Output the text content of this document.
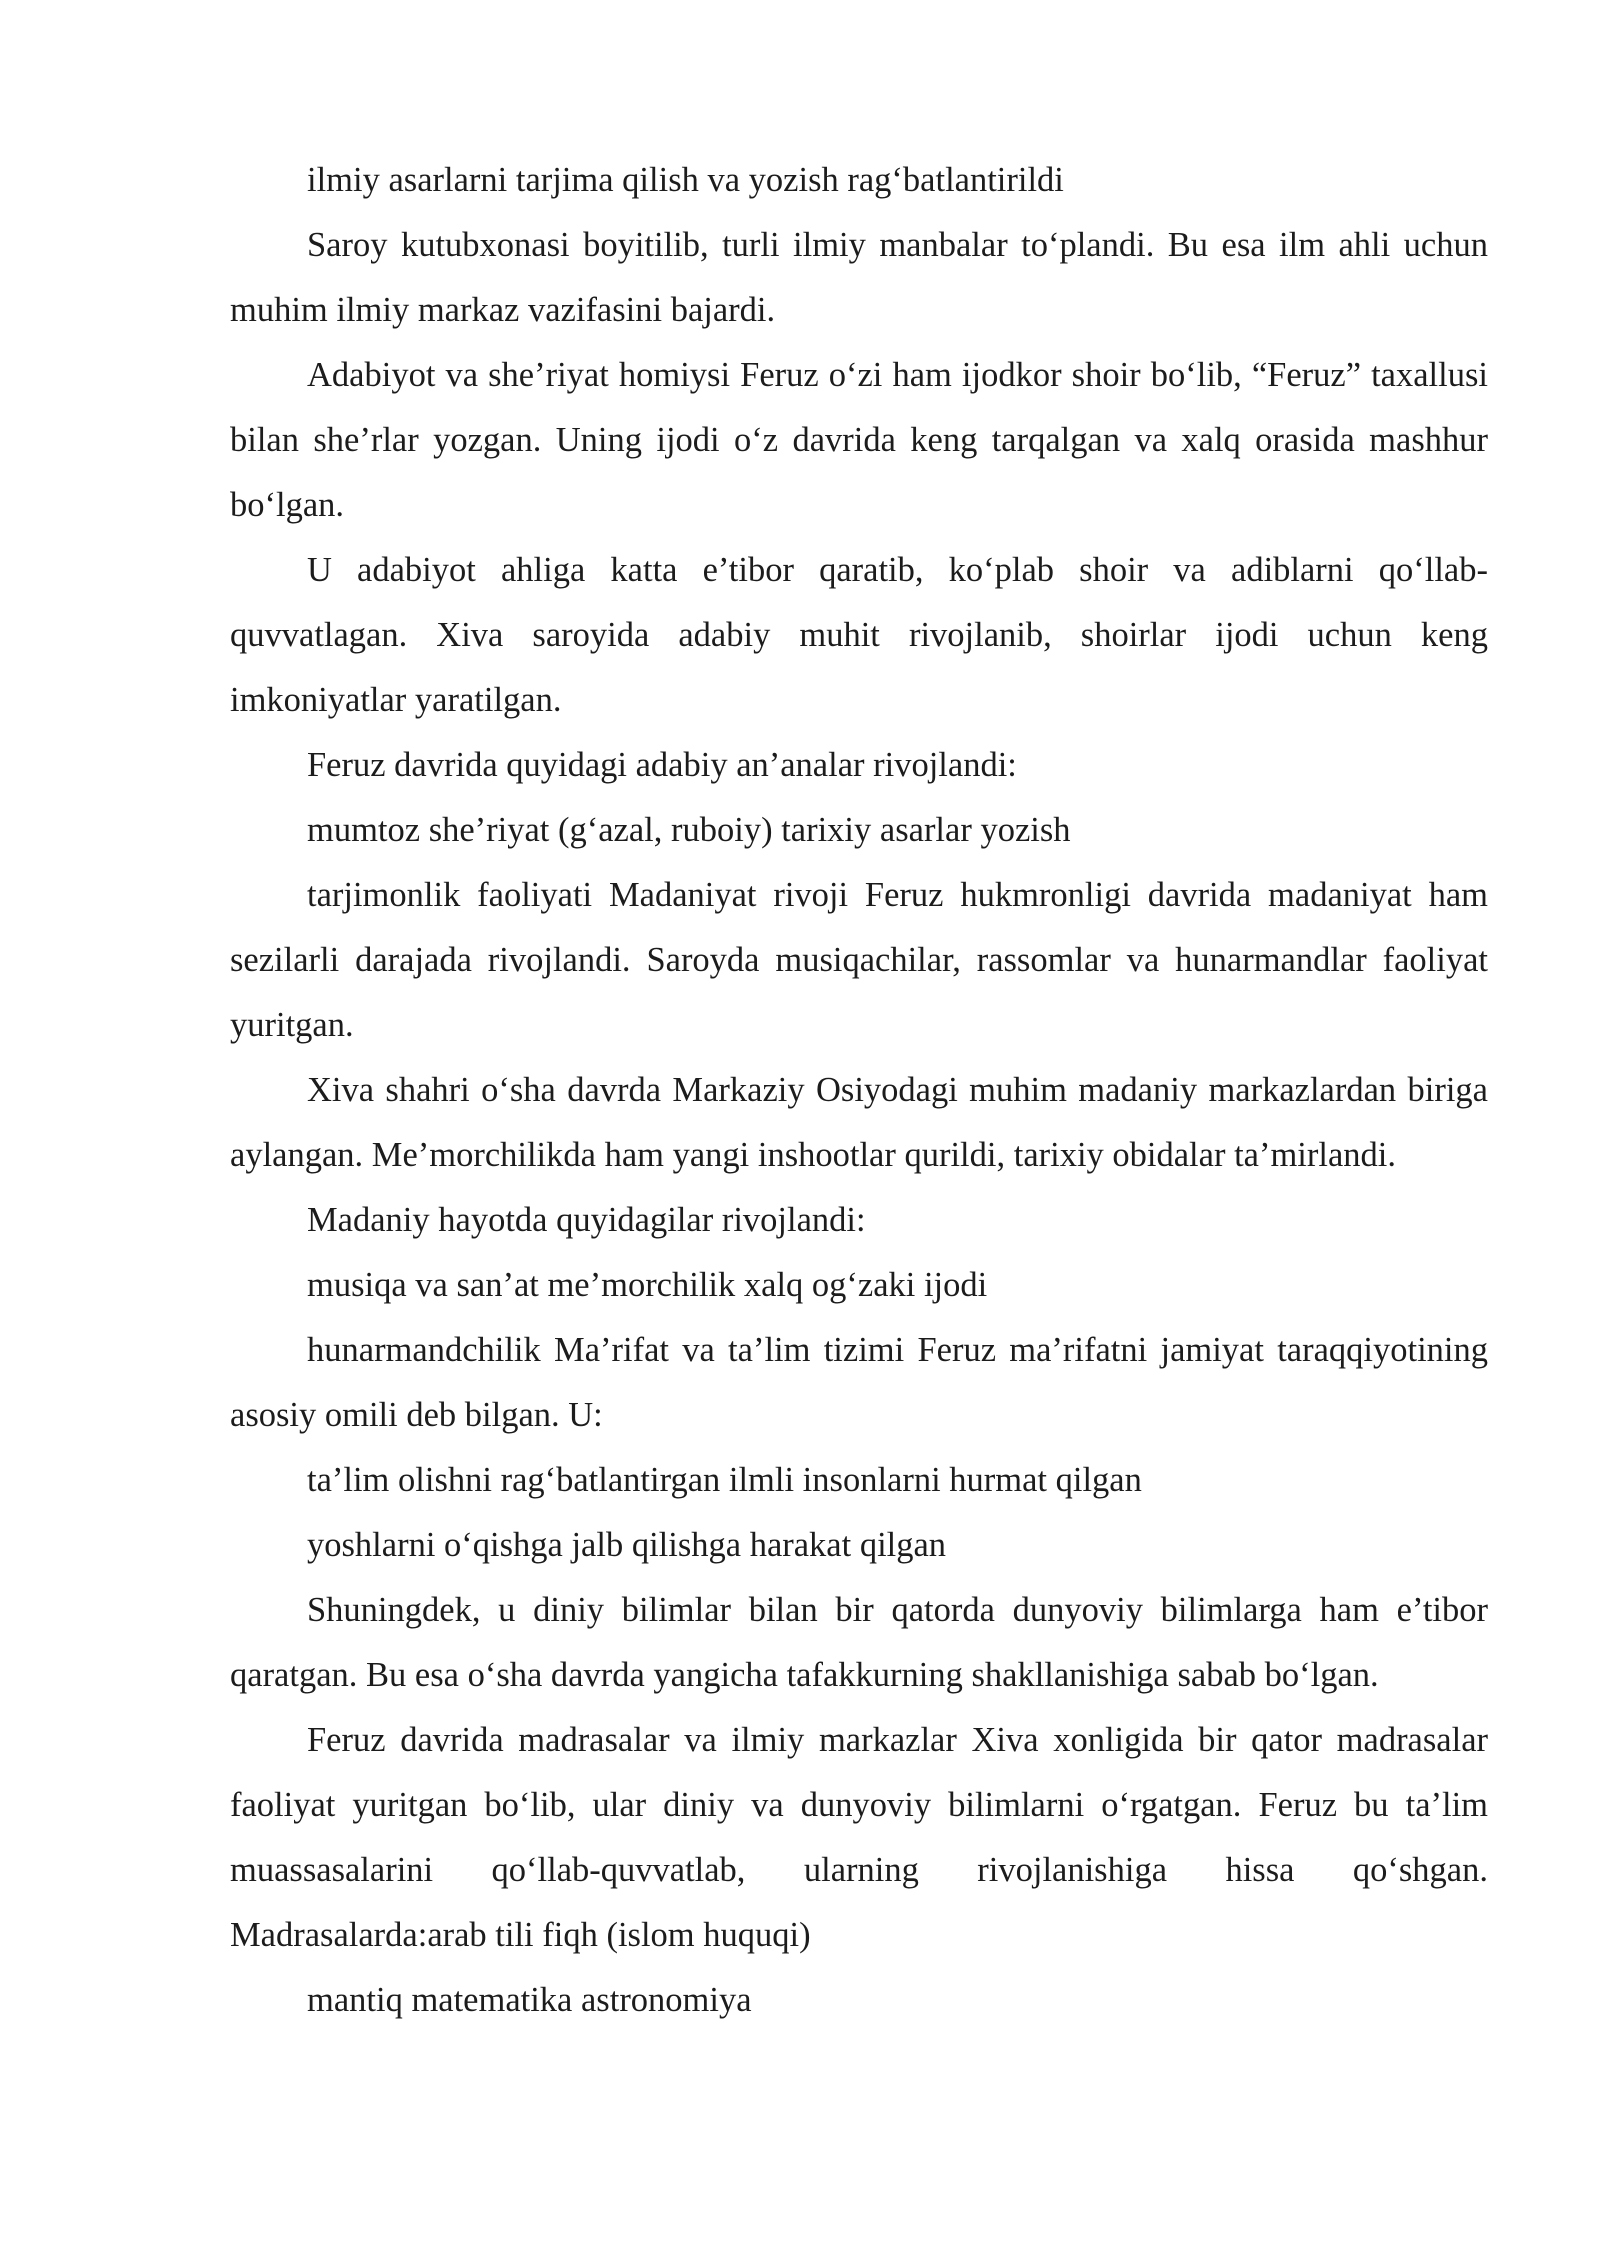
ilmiy asarlarni tarjima qilish va yozish rag‘batlantirildi

Saroy kutubxonasi boyitilib, turli ilmiy manbalar to‘plandi. Bu esa ilm ahli uchun muhim ilmiy markaz vazifasini bajardi.

Adabiyot va she’riyat homiysi Feruz o‘zi ham ijodkor shoir bo‘lib, “Feruz” taxallusi bilan she’rlar yozgan. Uning ijodi o‘z davrida keng tarqalgan va xalq orasida mashhur bo‘lgan.

U adabiyot ahliga katta e’tibor qaratib, ko‘plab shoir va adiblarni qo‘llab-quvvatlagan. Xiva saroyida adabiy muhit rivojlanib, shoirlar ijodi uchun keng imkoniyatlar yaratilgan.

Feruz davrida quyidagi adabiy an’analar rivojlandi:

mumtoz she’riyat (g‘azal, ruboiy) tarixiy asarlar yozish

tarjimonlik faoliyati Madaniyat rivoji Feruz hukmronligi davrida madaniyat ham sezilarli darajada rivojlandi. Saroyda musiqachilar, rassomlar va hunarmandlar faoliyat yuritgan.

Xiva shahri o‘sha davrda Markaziy Osiyodagi muhim madaniy markazlardan biriga aylangan. Me’morchilikda ham yangi inshootlar qurildi, tarixiy obidalar ta’mirlandi.

Madaniy hayotda quyidagilar rivojlandi:

musiqa va san’at me’morchilik xalq og‘zaki ijodi

hunarmandchilik Ma’rifat va ta’lim tizimi Feruz ma’rifatni jamiyat taraqqiyotining asosiy omili deb bilgan. U:

ta’lim olishni rag‘batlantirgan ilmli insonlarni hurmat qilgan

yoshlarni o‘qishga jalb qilishga harakat qilgan

Shuningdek, u diniy bilimlar bilan bir qatorda dunyoviy bilimlarga ham e’tibor qaratgan. Bu esa o‘sha davrda yangicha tafakkurning shakllanishiga sabab bo‘lgan.

Feruz davrida madrasalar va ilmiy markazlar Xiva xonligida bir qator madrasalar faoliyat yuritgan bo‘lib, ular diniy va dunyoviy bilimlarni o‘rgatgan. Feruz bu ta’lim muassasalarini qo‘llab-quvvatlab, ularning rivojlanishiga hissa qo‘shgan. Madrasalarda:arab tili fiqh (islom huquqi)

mantiq matematika astronomiya
